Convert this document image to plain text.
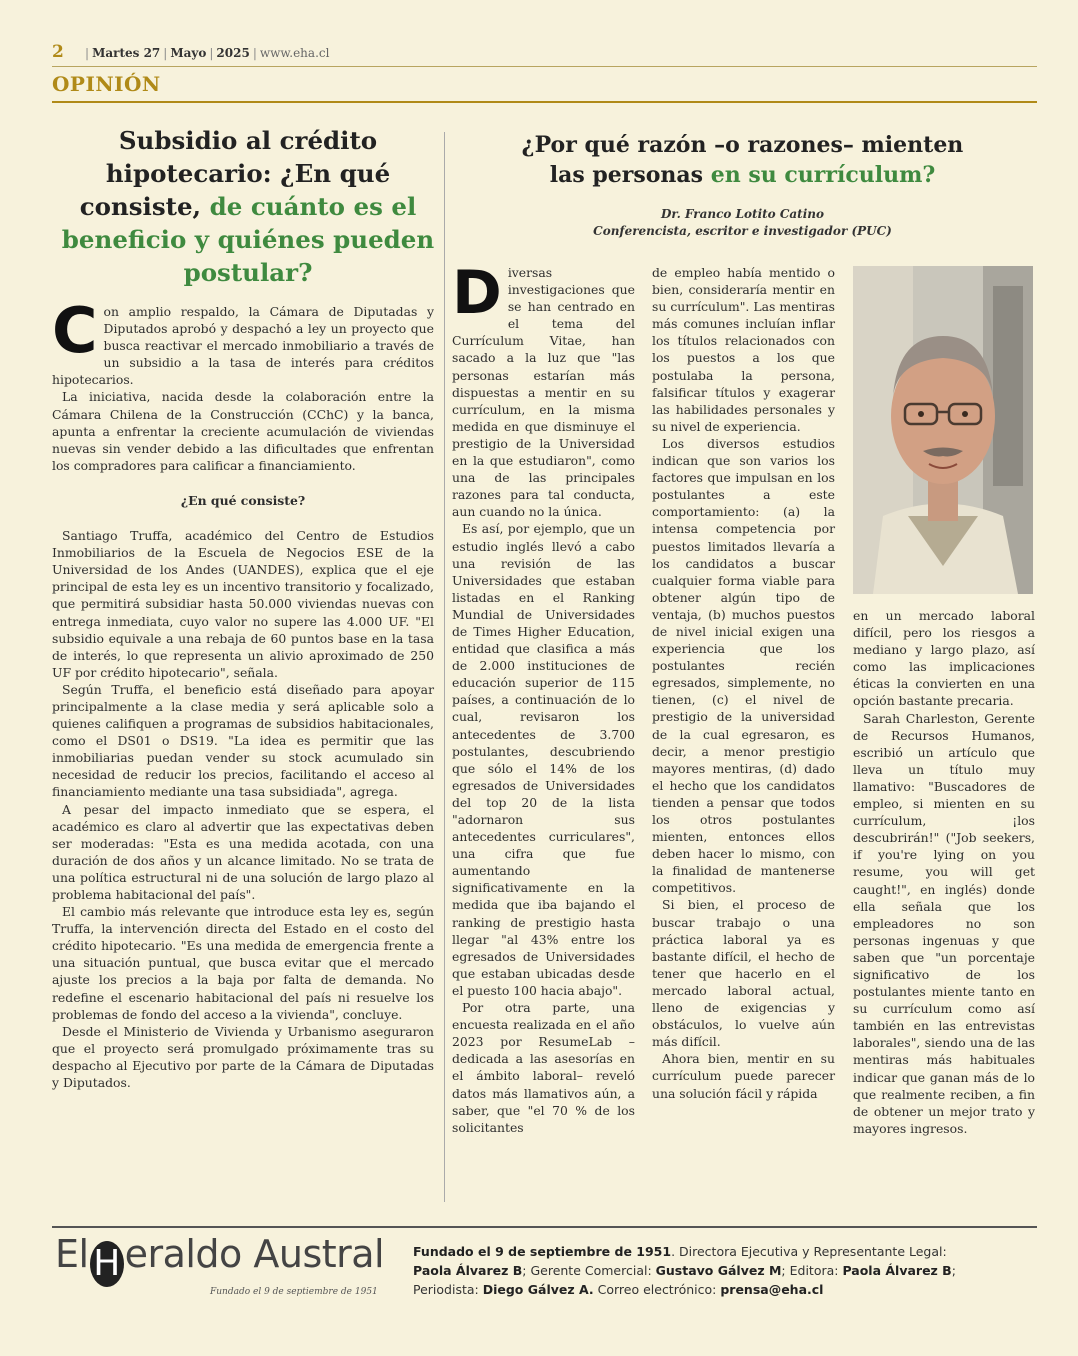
2 | Martes 27 | Mayo | 2025 | www.eha.cl
OPINIÓN
Subsidio al crédito hipotecario: ¿En qué consiste, de cuánto es el beneficio y quiénes pueden postular?

Con amplio respaldo, la Cámara de Diputadas y Diputados aprobó y despachó a ley un proyecto que busca reactivar el mercado inmobiliario a través de un subsidio a la tasa de interés para créditos hipotecarios.

La iniciativa, nacida desde la colaboración entre la Cámara Chilena de la Construcción (CChC) y la banca, apunta a enfrentar la creciente acumulación de viviendas nuevas sin vender debido a las dificultades que enfrentan los compradores para calificar a financiamiento.

¿En qué consiste?

Santiago Truffa, académico del Centro de Estudios Inmobiliarios de la Escuela de Negocios ESE de la Universidad de los Andes (UANDES), explica que el eje principal de esta ley es un incentivo transitorio y focalizado, que permitirá subsidiar hasta 50.000 viviendas nuevas con entrega inmediata, cuyo valor no supere las 4.000 UF. "El subsidio equivale a una rebaja de 60 puntos base en la tasa de interés, lo que representa un alivio aproximado de 250 UF por crédito hipotecario", señala.

Según Truffa, el beneficio está diseñado para apoyar principalmente a la clase media y será aplicable solo a quienes califiquen a programas de subsidios habitacionales, como el DS01 o DS19. "La idea es permitir que las inmobiliarias puedan vender su stock acumulado sin necesidad de reducir los precios, facilitando el acceso al financiamiento mediante una tasa subsidiada", agrega.

A pesar del impacto inmediato que se espera, el académico es claro al advertir que las expectativas deben ser moderadas: "Esta es una medida acotada, con una duración de dos años y un alcance limitado. No se trata de una política estructural ni de una solución de largo plazo al problema habitacional del país".

El cambio más relevante que introduce esta ley es, según Truffa, la intervención directa del Estado en el costo del crédito hipotecario. "Es una medida de emergencia frente a una situación puntual, que busca evitar que el mercado ajuste los precios a la baja por falta de demanda. No redefine el escenario habitacional del país ni resuelve los problemas de fondo del acceso a la vivienda", concluye.

Desde el Ministerio de Vivienda y Urbanismo aseguraron que el proyecto será promulgado próximamente tras su despacho al Ejecutivo por parte de la Cámara de Diputadas y Diputados.

¿Por qué razón –o razones– mienten
las personas en su currículum?
Dr. Franco Lotito Catino
Conferencista, escritor e investigador (PUC)

Diversas investigaciones que se han centrado en el tema del Currículum Vitae, han sacado a la luz que "las personas estarían más dispuestas a mentir en su currículum, en la misma medida en que disminuye el prestigio de la Universidad en la que estudiaron", como una de las principales razones para tal conducta, aun cuando no la única.

Es así, por ejemplo, que un estudio inglés llevó a cabo una revisión de las Universidades que estaban listadas en el Ranking Mundial de Universidades de Times Higher Education, entidad que clasifica a más de 2.000 instituciones de educación superior de 115 países, a continuación de lo cual, revisaron los antecedentes de 3.700 postulantes, descubriendo que sólo el 14% de los egresados de Universidades del top 20 de la lista "adornaron sus antecedentes curriculares", una cifra que fue aumentando significativamente en la medida que iba bajando el ranking de prestigio hasta llegar "al 43% entre los egresados de Universidades que estaban ubicadas desde el puesto 100 hacia abajo".

Por otra parte, una encuesta realizada en el año 2023 por ResumeLab –dedicada a las asesorías en el ámbito laboral– reveló datos más llamativos aún, a saber, que "el 70 % de los solicitantes

de empleo había mentido o bien, consideraría mentir en su currículum". Las mentiras más comunes incluían inflar los títulos relacionados con los puestos a los que postulaba la persona, falsificar títulos y exagerar las habilidades personales y su nivel de experiencia.

Los diversos estudios indican que son varios los factores que impulsan en los postulantes a este comportamiento: (a) la intensa competencia por puestos limitados llevaría a los candidatos a buscar cualquier forma viable para obtener algún tipo de ventaja, (b) muchos puestos de nivel inicial exigen una experiencia que los postulantes recién egresados, simplemente, no tienen, (c) el nivel de prestigio de la universidad de la cual egresaron, es decir, a menor prestigio mayores mentiras, (d) dado el hecho que los candidatos tienden a pensar que todos los otros postulantes mienten, entonces ellos deben hacer lo mismo, con la finalidad de mantenerse competitivos.

Si bien, el proceso de buscar trabajo o una práctica laboral ya es bastante difícil, el hecho de tener que hacerlo en el mercado laboral actual, lleno de exigencias y obstáculos, lo vuelve aún más difícil.

Ahora bien, mentir en su currículum puede parecer una solución fácil y rápida

en un mercado laboral difícil, pero los riesgos a mediano y largo plazo, así como las implicaciones éticas la convierten en una opción bastante precaria.

Sarah Charleston, Gerente de Recursos Humanos, escribió un artículo que lleva un título muy llamativo: "Buscadores de empleo, si mienten en su currículum, ¡los descubrirán!" ("Job seekers, if you're lying on you resume, you will get caught!", en inglés) donde ella señala que los empleadores no son personas ingenuas y que saben que "un porcentaje significativo de los postulantes miente tanto en su currículum como así también en las entrevistas laborales", siendo una de las mentiras más habituales indicar que ganan más de lo que realmente reciben, a fin de obtener un mejor trato y mayores ingresos.

El H eraldo Austral
Fundado el 9 de septiembre de 1951
Fundado el 9 de septiembre de 1951. Directora Ejecutiva y Representante Legal:
Paola Álvarez B; Gerente Comercial: Gustavo Gálvez M; Editora: Paola Álvarez B;
Periodista: Diego Gálvez A. Correo electrónico: prensa@eha.cl
